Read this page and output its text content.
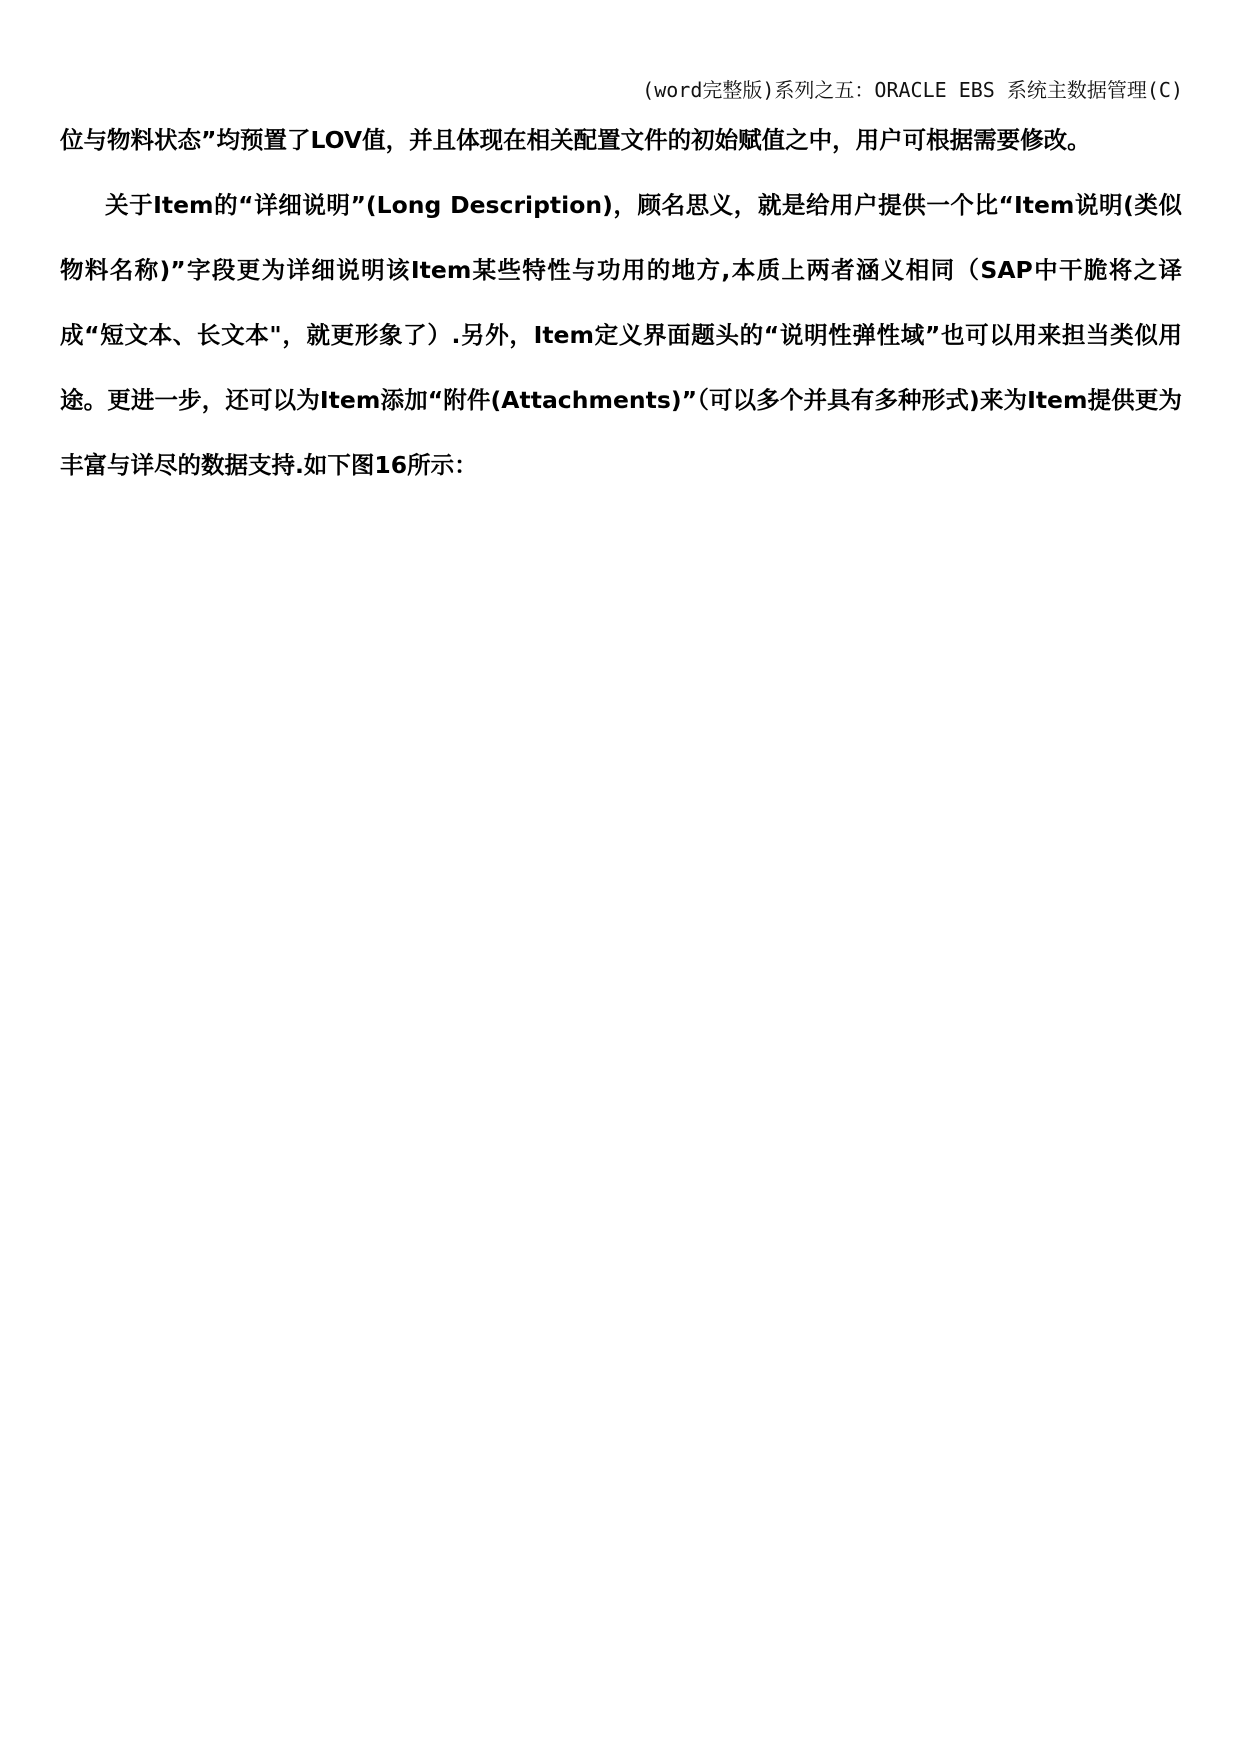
(word完整版)系列之五：ORACLE EBS 系统主数据管理(C)

位与物料状态”均预置了LOV值，并且体现在相关配置文件的初始赋值之中，用户可根据需要修改。

关于Item的“详细说明”(Long Description)，顾名思义，就是给用户提供一个比“Item说明(类似物料名称)”字段更为详细说明该Item某些特性与功用的地方,本质上两者涵义相同（SAP中干脆将之译成“短文本、长文本"，就更形象了）.另外，Item定义界面题头的“说明性弹性域”也可以用来担当类似用途。更进一步，还可以为Item添加“附件(Attachments)”（可以多个并具有多种形式)来为Item提供更为丰富与详尽的数据支持.如下图16所示：
